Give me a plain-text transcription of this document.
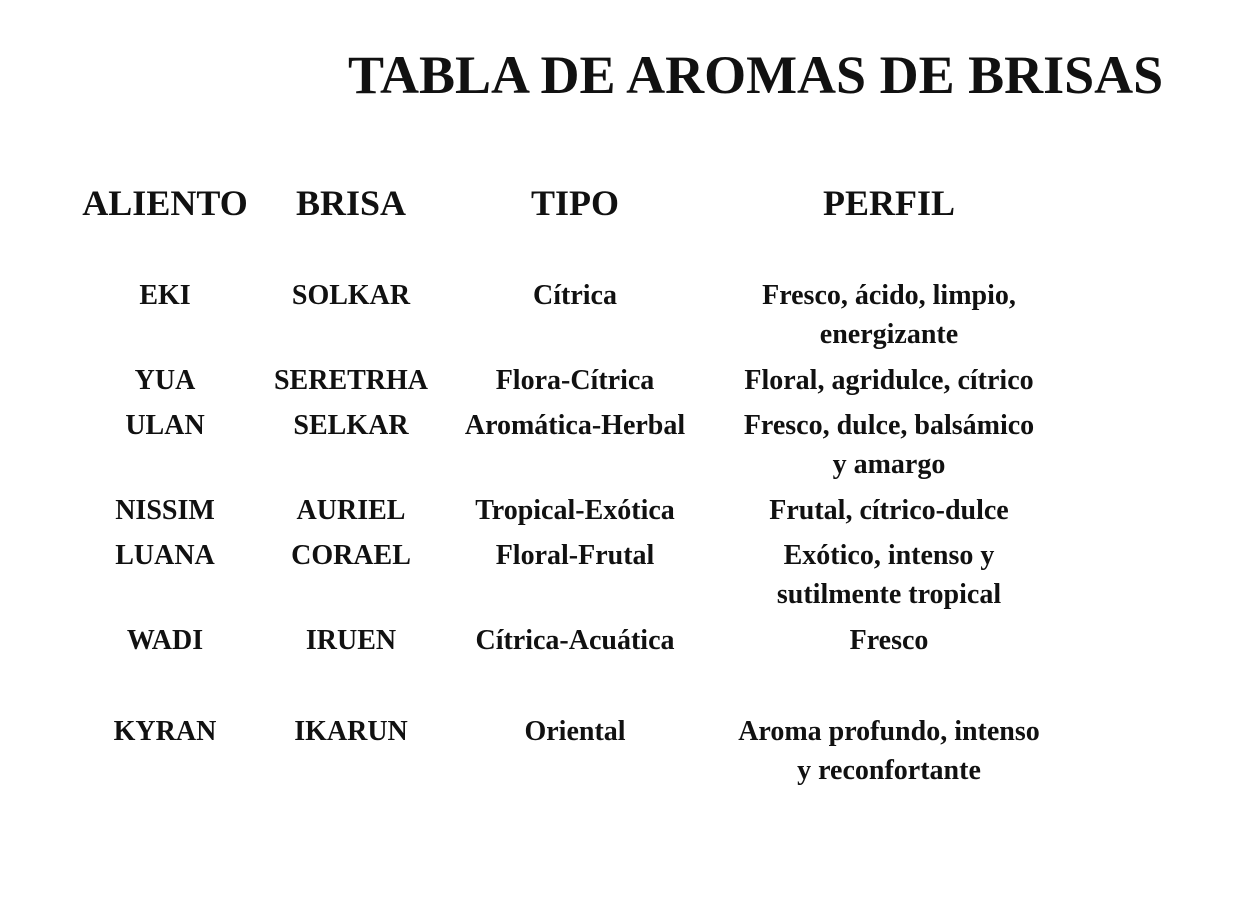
TABLA DE AROMAS DE BRISAS
ALIENTO	BRISA	TIPO	PERFIL
EKI	SOLKAR	Cítrica	Fresco, ácido, limpio,
energizante
YUA	SERETRHA	Flora-Cítrica	Floral, agridulce, cítrico
ULAN	SELKAR	Aromática-Herbal	Fresco, dulce, balsámico
y amargo
NISSIM	AURIEL	Tropical-Exótica	Frutal, cítrico-dulce
LUANA	CORAEL	Floral-Frutal	Exótico, intenso y
sutilmente tropical
WADI	IRUEN	Cítrica-Acuática	Fresco
KYRAN	IKARUN	Oriental	Aroma profundo, intenso
y reconfortante
